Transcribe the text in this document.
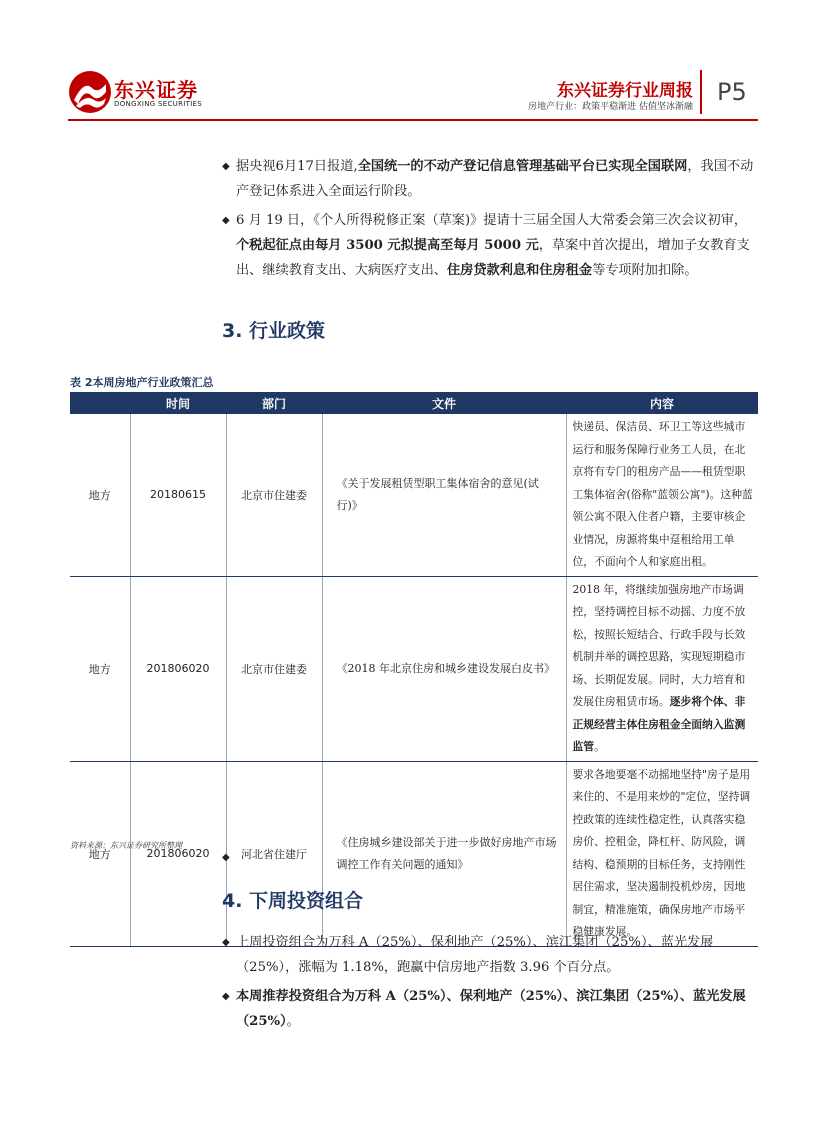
东兴证券
DONGXING SECURITIES
东兴证券行业周报
房地产行业：政策平稳渐进 估值坚冰渐融
P5
◆ 据央视6月17日报道,全国统一的不动产登记信息管理基础平台已实现全国联网，我国不动产登记体系进入全面运行阶段。
◆ 6 月 19 日，《个人所得税修正案（草案)》提请十三届全国人大常委会第三次会议初审，个税起征点由每月 3500 元拟提高至每月 5000 元，草案中首次提出，增加子女教育支出、继续教育支出、大病医疗支出、住房贷款利息和住房租金等专项附加扣除。
3. 行业政策
表 2本周房地产行业政策汇总
	时间	部门	文件	内容
地方	20180615	北京市住建委	《关于发展租赁型职工集体宿舍的意见(试行)》	快递员、保洁员、环卫工等这些城市运行和服务保障行业务工人员，在北京将有专门的租房产品——租赁型职工集体宿舍(俗称"蓝领公寓")。这种蓝领公寓不限入住者户籍，主要审核企业情况，房源将集中趸租给用工单位，不面向个人和家庭出租。
地方	201806020	北京市住建委	《2018 年北京住房和城乡建设发展白皮书》	2018 年，将继续加强房地产市场调控，坚持调控目标不动摇、力度不放松，按照长短结合、行政手段与长效机制并举的调控思路，实现短期稳市场、长期促发展。同时，大力培育和发展住房租赁市场。逐步将个体、非正规经营主体住房租金全面纳入监测监管。
地方	201806020	河北省住建厅	《住房城乡建设部关于进一步做好房地产市场调控工作有关问题的通知》	要求各地要毫不动摇地坚持"房子是用来住的、不是用来炒的"定位，坚持调控政策的连续性稳定性，认真落实稳房价、控租金，降杠杆、防风险，调结构、稳预期的目标任务，支持刚性居住需求，坚决遏制投机炒房，因地制宜，精准施策，确保房地产市场平稳健康发展。
资料来源：东兴证券研究所整理
◆
4. 下周投资组合
◆ 上周投资组合为万科 A（25%）、保利地产（25%）、滨江集团（25%）、蓝光发展（25%），涨幅为 1.18%，跑赢中信房地产指数 3.96 个百分点。
◆ 本周推荐投资组合为万科 A（25%）、保利地产（25%）、滨江集团（25%）、蓝光发展（25%）。
